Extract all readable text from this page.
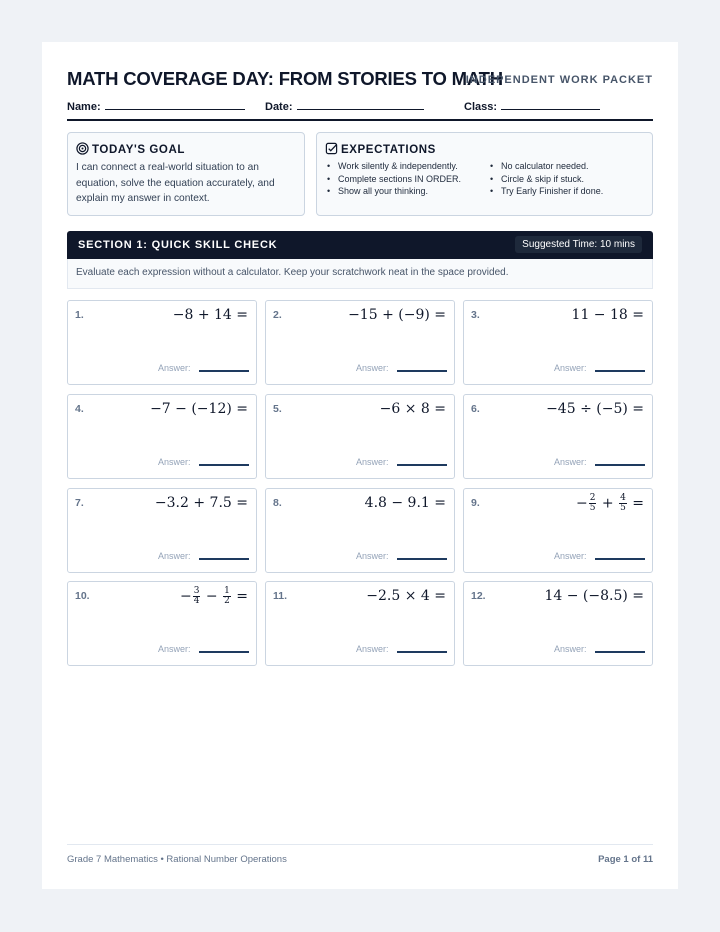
MATH COVERAGE DAY: FROM STORIES TO MATH
INDEPENDENT WORK PACKET
Name:	Date:	Class:
TODAY'S GOAL
I can connect a real-world situation to an equation, solve the equation accurately, and explain my answer in context.
EXPECTATIONS
• Work silently & independently.
• Complete sections IN ORDER.
• Show all your thinking.
• No calculator needed.
• Circle & skip if stuck.
• Try Early Finisher if done.
SECTION 1: QUICK SKILL CHECK	Suggested Time: 10 mins
Evaluate each expression without a calculator. Keep your scratchwork neat in the space provided.
1.	−8 + 14 =
Answer:
2.	−15 + (−9) =
Answer:
3.	11 − 18 =
Answer:
4.	−7 − (−12) =
Answer:
5.	−6 × 8 =
Answer:
6.	−45 ÷ (−5) =
Answer:
7.	−3.2 + 7.5 =
Answer:
8.	4.8 − 9.1 =
Answer:
9.	− $\frac{2}{5} + \frac{4}{5}$ =
Answer:
10.	− $\frac{3}{4} - \frac{1}{2}$ =
Answer:
11.	−2.5 × 4 =
Answer:
12.	14 − (−8.5) =
Answer:
Grade 7 Mathematics • Rational Number Operations	Page 1 of 11
